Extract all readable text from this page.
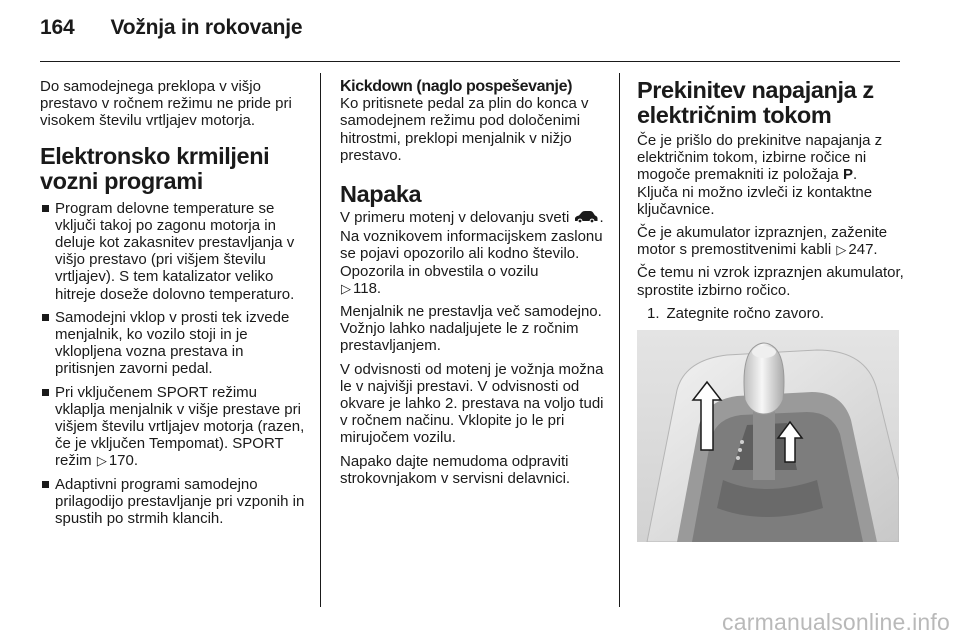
164 Vožnja in rokovanje

Do samodejnega preklopa v višjo prestavo v ročnem režimu ne pride pri visokem številu vrtljajev motorja.

Elektronsko krmiljeni vozni programi
Program delovne temperature se vključi takoj po zagonu motorja in deluje kot zakasnitev prestavljanja v višjo prestavo (pri višjem številu vrtljajev). S tem katalizator veliko hitreje doseže dolovno temperaturo.
Samodejni vklop v prosti tek izvede menjalnik, ko vozilo stoji in je vklopljena vozna prestava in pritisnjen zavorni pedal.
Pri vključenem SPORT režimu vklaplja menjalnik v višje prestave pri višjem številu vrtljajev motorja (razen, če je vključen Tempomat). SPORT režim ▷ 170.
Adaptivni programi samodejno prilagodijo prestavljanje pri vzponih in spustih po strmih klancih.
Kickdown (naglo pospeševanje)

Ko pritisnete pedal za plin do konca v samodejnem režimu pod določenimi hitrostmi, preklopi menjalnik v nižjo prestavo.

Napaka

V primeru motenj v delovanju sveti . Na voznikovem informacijskem zaslonu se pojavi opozorilo ali kodno število. Opozorila in obvestila o vozilu
▷ 118.

Menjalnik ne prestavlja več samodejno. Vožnjo lahko nadaljujete le z ročnim prestavljanjem.

V odvisnosti od motenj je vožnja možna le v najvišji prestavi. V odvisnosti od okvare je lahko 2. prestava na voljo tudi v ročnem načinu. Vklopite jo le pri mirujočem vozilu.

Napako dajte nemudoma odpraviti strokovnjakom v servisni delavnici.

Prekinitev napajanja z električnim tokom

Če je prišlo do prekinitve napajanja z električnim tokom, izbirne ročice ni mogoče premakniti iz položaja P.
Ključa ni možno izvleči iz kontaktne ključavnice.

Če je akumulator izpraznjen, zaženite motor s premostitvenimi kabli ▷ 247.

Če temu ni vzrok izpraznjen akumulator, sprostite izbirno ročico.

1. Zategnite ročno zavoro.
carmanualsonline.info
